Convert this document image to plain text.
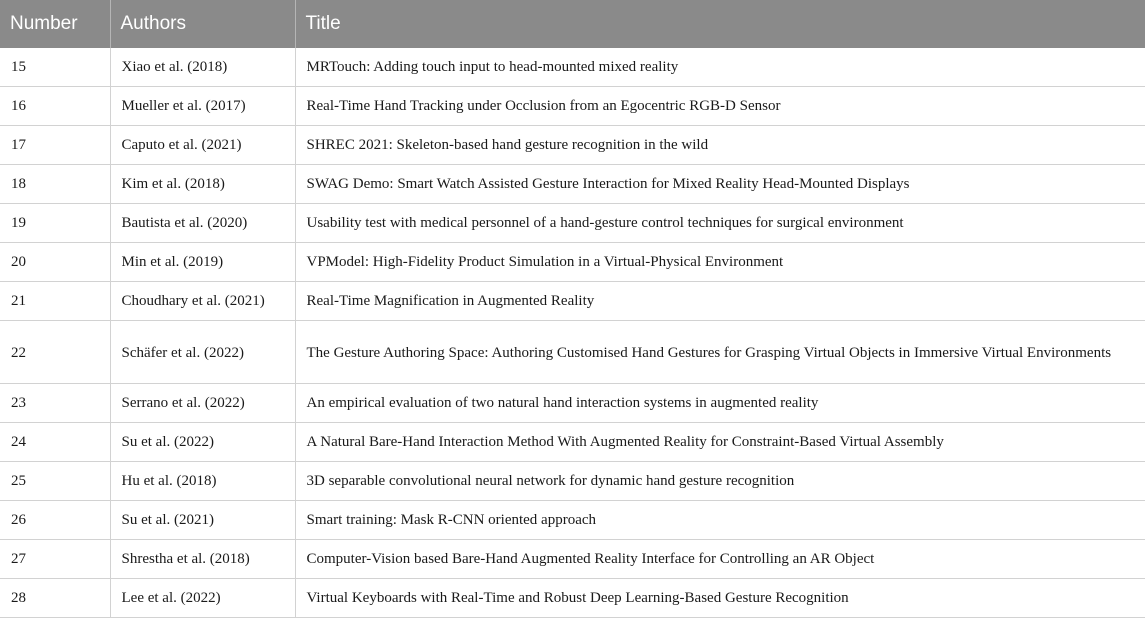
Number	Authors	Title
15	Xiao et al. (2018)	MRTouch: Adding touch input to head-mounted mixed reality
16	Mueller et al. (2017)	Real-Time Hand Tracking under Occlusion from an Egocentric RGB-D Sensor
17	Caputo et al. (2021)	SHREC 2021: Skeleton-based hand gesture recognition in the wild
18	Kim et al. (2018)	SWAG Demo: Smart Watch Assisted Gesture Interaction for Mixed Reality Head-Mounted Displays
19	Bautista et al. (2020)	Usability test with medical personnel of a hand-gesture control techniques for surgical environment
20	Min et al. (2019)	VPModel: High-Fidelity Product Simulation in a Virtual-Physical Environment
21	Choudhary et al. (2021)	Real-Time Magnification in Augmented Reality
22	Schäfer et al. (2022)	The Gesture Authoring Space: Authoring Customised Hand Gestures for Grasping Virtual Objects in Immersive Virtual Environments
23	Serrano et al. (2022)	An empirical evaluation of two natural hand interaction systems in augmented reality
24	Su et al. (2022)	A Natural Bare-Hand Interaction Method With Augmented Reality for Constraint-Based Virtual Assembly
25	Hu et al. (2018)	3D separable convolutional neural network for dynamic hand gesture recognition
26	Su et al. (2021)	Smart training: Mask R-CNN oriented approach
27	Shrestha et al. (2018)	Computer-Vision based Bare-Hand Augmented Reality Interface for Controlling an AR Object
28	Lee et al. (2022)	Virtual Keyboards with Real-Time and Robust Deep Learning-Based Gesture Recognition
